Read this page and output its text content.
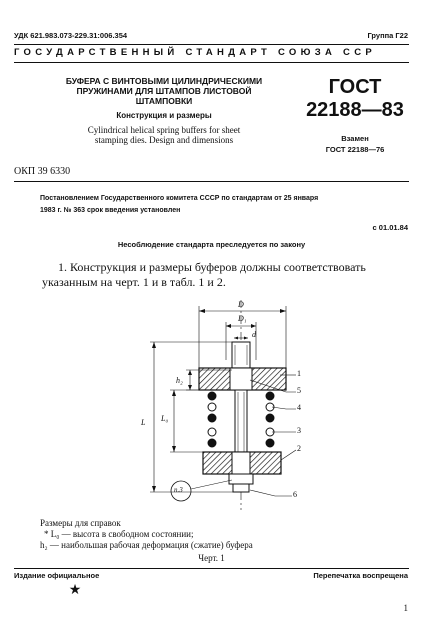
УДК 621.983.073-229.31:006.354	Группа Г22
ГОСУДАРСТВЕННЫЙ СТАНДАРТ СОЮЗА ССР
БУФЕРА С ВИНТОВЫМИ ЦИЛИНДРИЧЕСКИМИ
ПРУЖИНАМИ ДЛЯ ШТАМПОВ ЛИСТОВОЙ
ШТАМПОВКИ
Конструкция и размеры
Cylindrical helical spring buffers for sheet
stamping dies. Design and dimensions
ГОСТ
22188—83
Взамен
ГОСТ 22188—76
ОКП 39 6330
Постановлением Государственного комитета СССР по стандартам от 25 января
1983 г. № 363 срок введения установлен
с 01.01.84
Несоблюдение стандарта преследуется по закону
1. Конструкция и размеры буферов должны соответствовать
указанным на черт. 1 и в табл. 1 и 2.
D
D₁
d
h₂
L₀
L
1
5
4
3
2
6
п.3
Размеры для справок
* L₀ — высота в свободном состоянии;
h₂ — наибольшая рабочая деформация (сжатие) буфера
Черт. 1
Издание официальное	Перепечатка воспрещена
★
1
